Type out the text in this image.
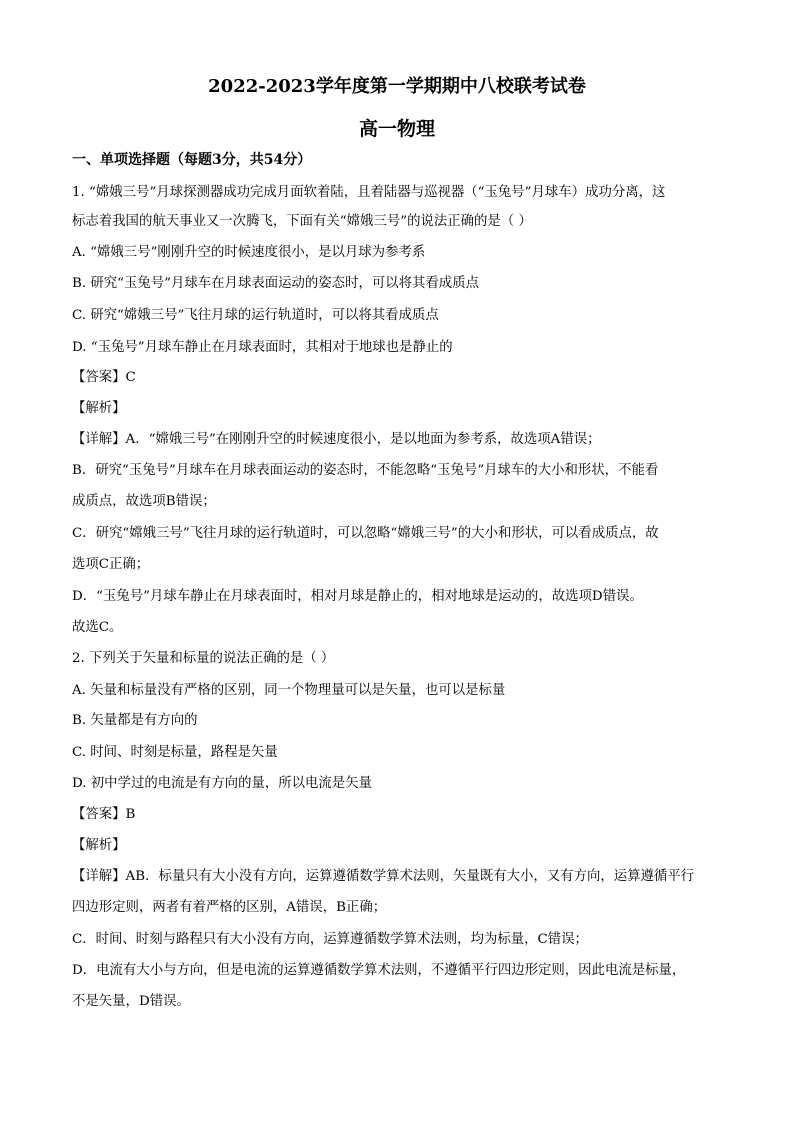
2022-2023学年度第一学期期中八校联考试卷
高一物理
一、单项选择题（每题3分，共54分）
1. “嫦娥三号”月球探测器成功完成月面软着陆，且着陆器与巡视器（“玉兔号”月球车）成功分离，这
标志着我国的航天事业又一次腾飞，下面有关“嫦娥三号”的说法正确的是（ ）
A. “嫦娥三号”刚刚升空的时候速度很小，是以月球为参考系
B. 研究“玉兔号”月球车在月球表面运动的姿态时，可以将其看成质点
C. 研究“嫦娥三号”飞往月球的运行轨道时，可以将其看成质点
D. “玉兔号”月球车静止在月球表面时，其相对于地球也是静止的
【答案】C
【解析】
【详解】A．“嫦娥三号”在刚刚升空的时候速度很小，是以地面为参考系，故选项A错误；
B．研究“玉兔号”月球车在月球表面运动的姿态时，不能忽略“玉兔号”月球车的大小和形状，不能看
成质点，故选项B错误；
C．研究“嫦娥三号”飞往月球的运行轨道时，可以忽略“嫦娥三号”的大小和形状，可以看成质点，故
选项C正确；
D．“玉兔号”月球车静止在月球表面时，相对月球是静止的，相对地球是运动的，故选项D错误。
故选C。
2. 下列关于矢量和标量的说法正确的是（ ）
A. 矢量和标量没有严格的区别，同一个物理量可以是矢量，也可以是标量
B. 矢量都是有方向的
C. 时间、时刻是标量，路程是矢量
D. 初中学过的电流是有方向的量，所以电流是矢量
【答案】B
【解析】
【详解】AB．标量只有大小没有方向，运算遵循数学算术法则，矢量既有大小，又有方向，运算遵循平行
四边形定则，两者有着严格的区别，A错误，B正确；
C．时间、时刻与路程只有大小没有方向，运算遵循数学算术法则，均为标量，C错误；
D．电流有大小与方向，但是电流的运算遵循数学算术法则，不遵循平行四边形定则，因此电流是标量，
不是矢量，D错误。
